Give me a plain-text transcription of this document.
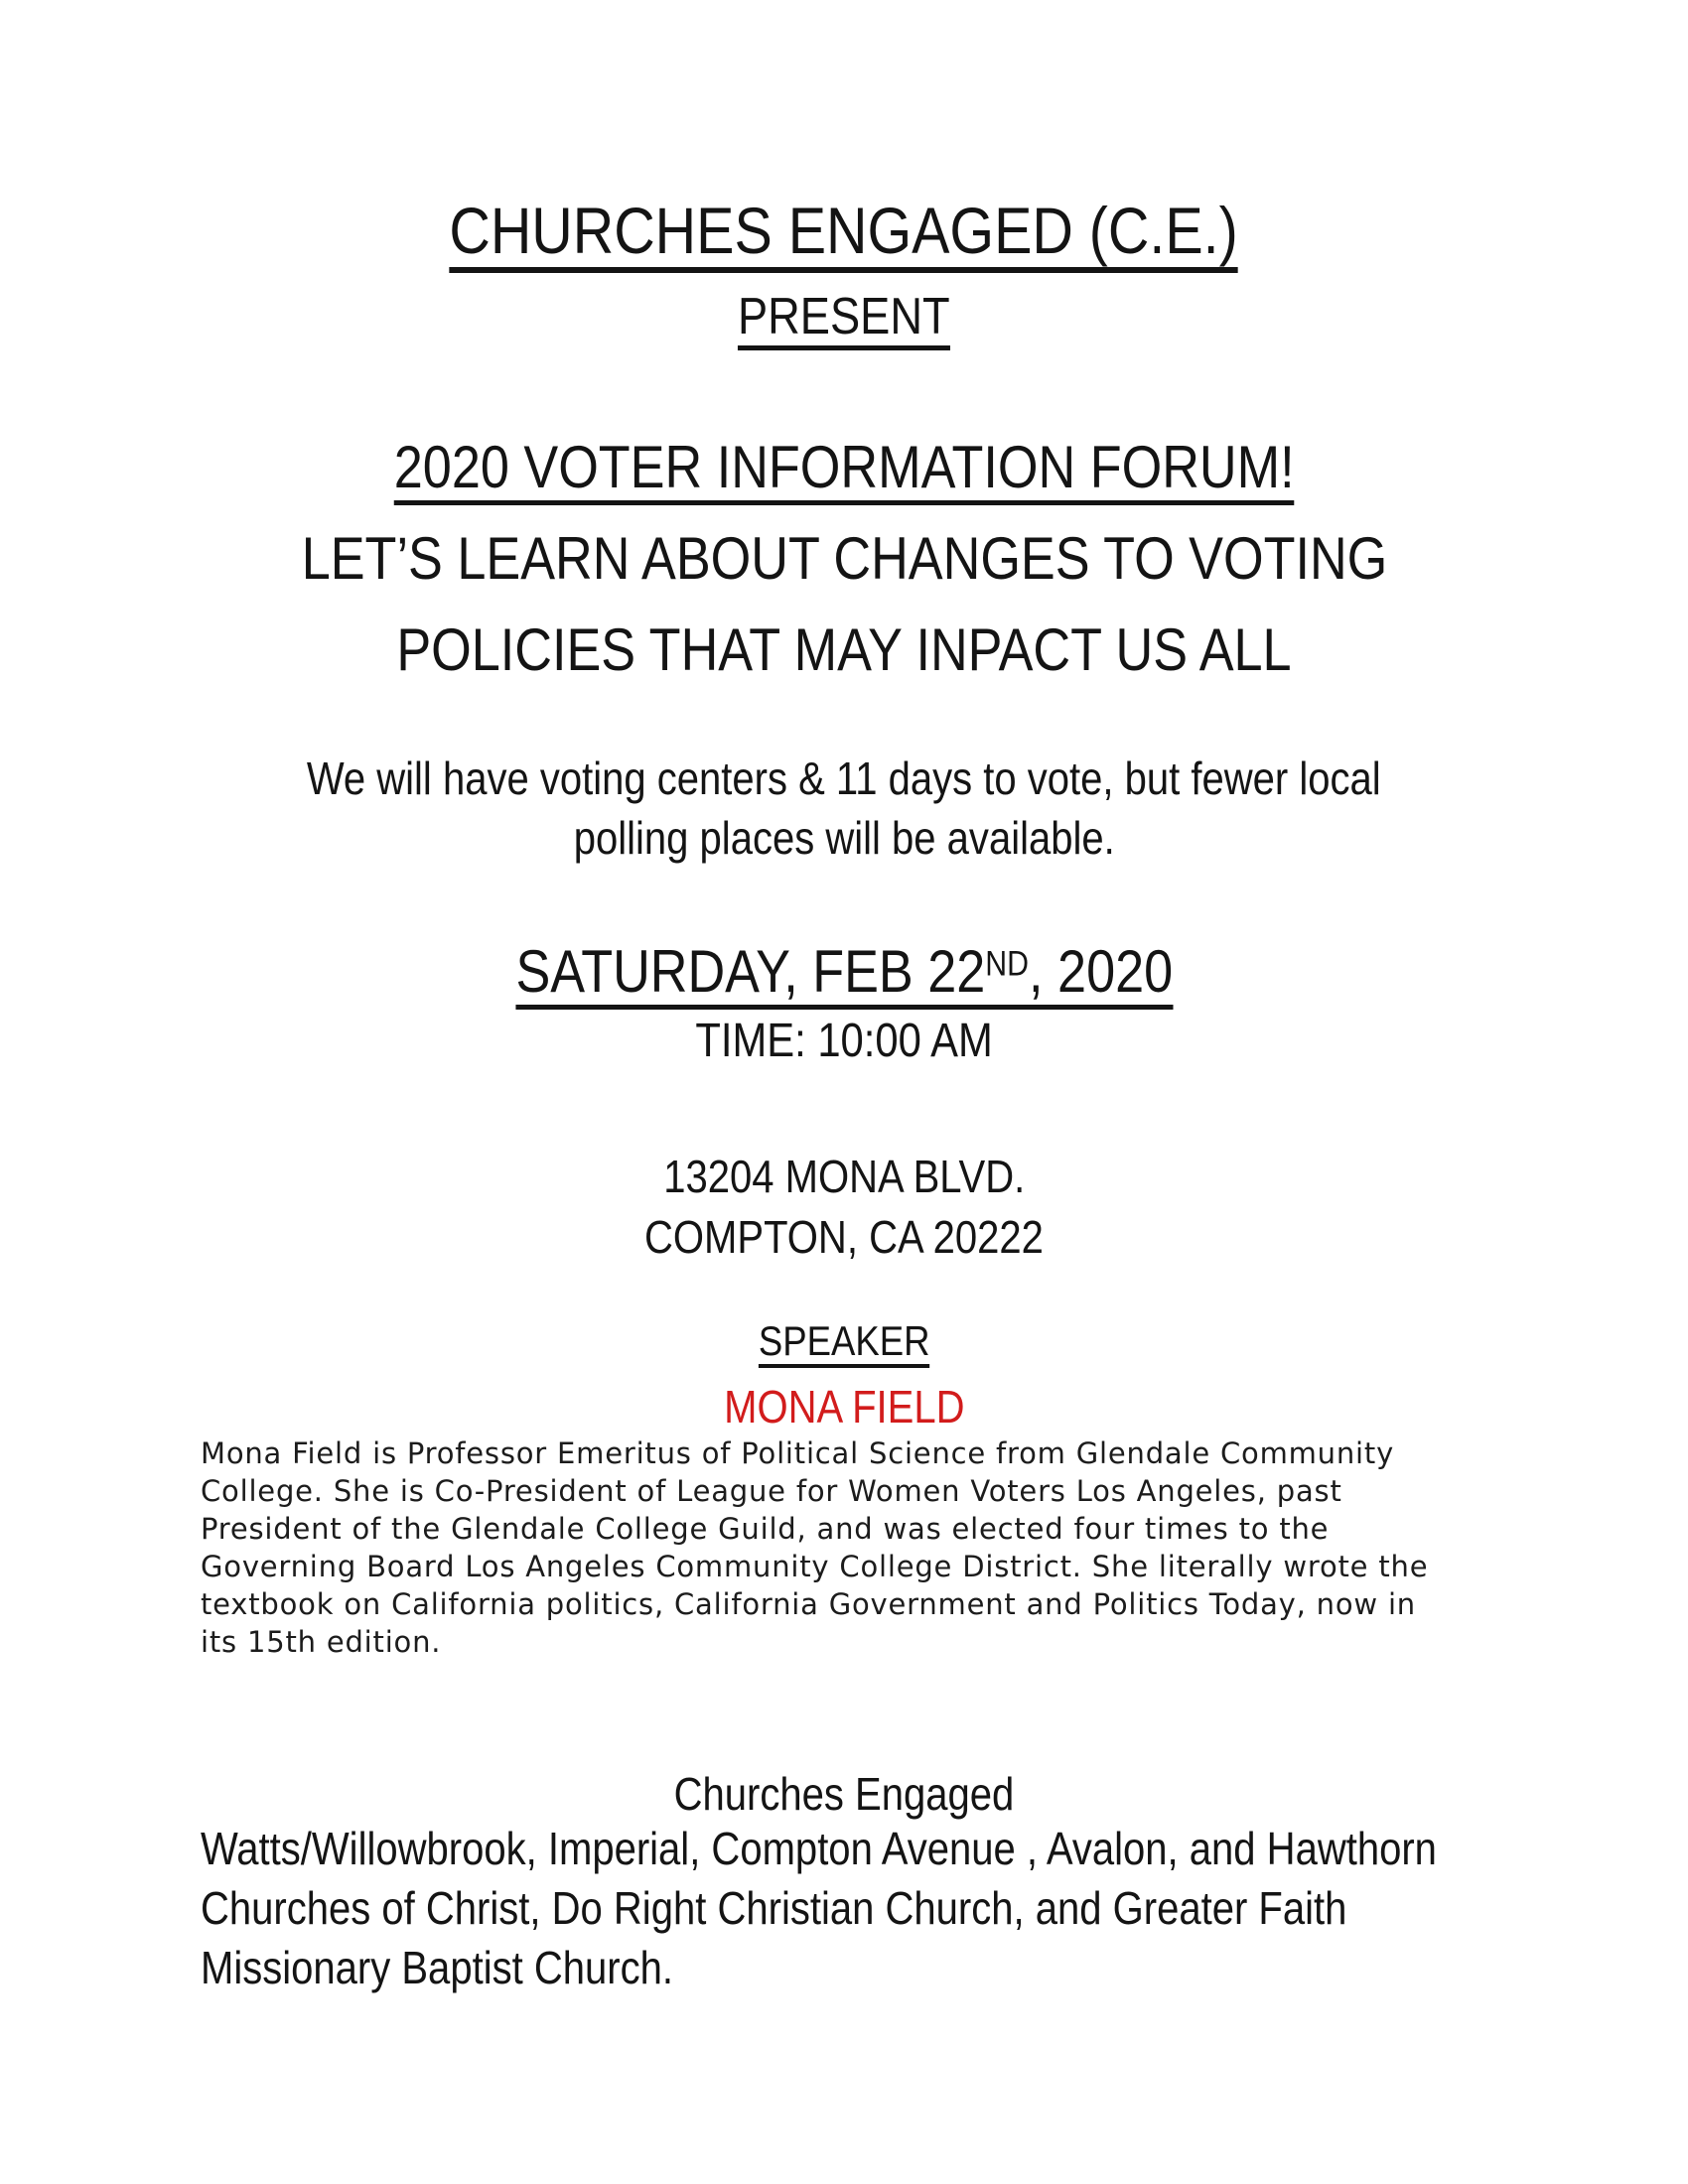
CHURCHES ENGAGED (C.E.)
PRESENT
2020 VOTER INFORMATION FORUM!
LET’S LEARN ABOUT CHANGES TO VOTING
POLICIES THAT MAY INPACT US ALL
We will have voting centers & 11 days to vote, but fewer local
polling places will be available.
SATURDAY, FEB 22ND, 2020
TIME: 10:00 AM
13204 MONA BLVD.
COMPTON, CA 20222
SPEAKER
MONA FIELD
Mona Field is Professor Emeritus of Political Science from Glendale Community
College. She is Co-President of League for Women Voters Los Angeles, past
President of the Glendale College Guild, and was elected four times to the
Governing Board Los Angeles Community College District. She literally wrote the
textbook on California politics, California Government and Politics Today, now in
its 15th edition.
Churches Engaged
Watts/Willowbrook, Imperial, Compton Avenue , Avalon, and Hawthorn
Churches of Christ, Do Right Christian Church, and Greater Faith
Missionary Baptist Church.
